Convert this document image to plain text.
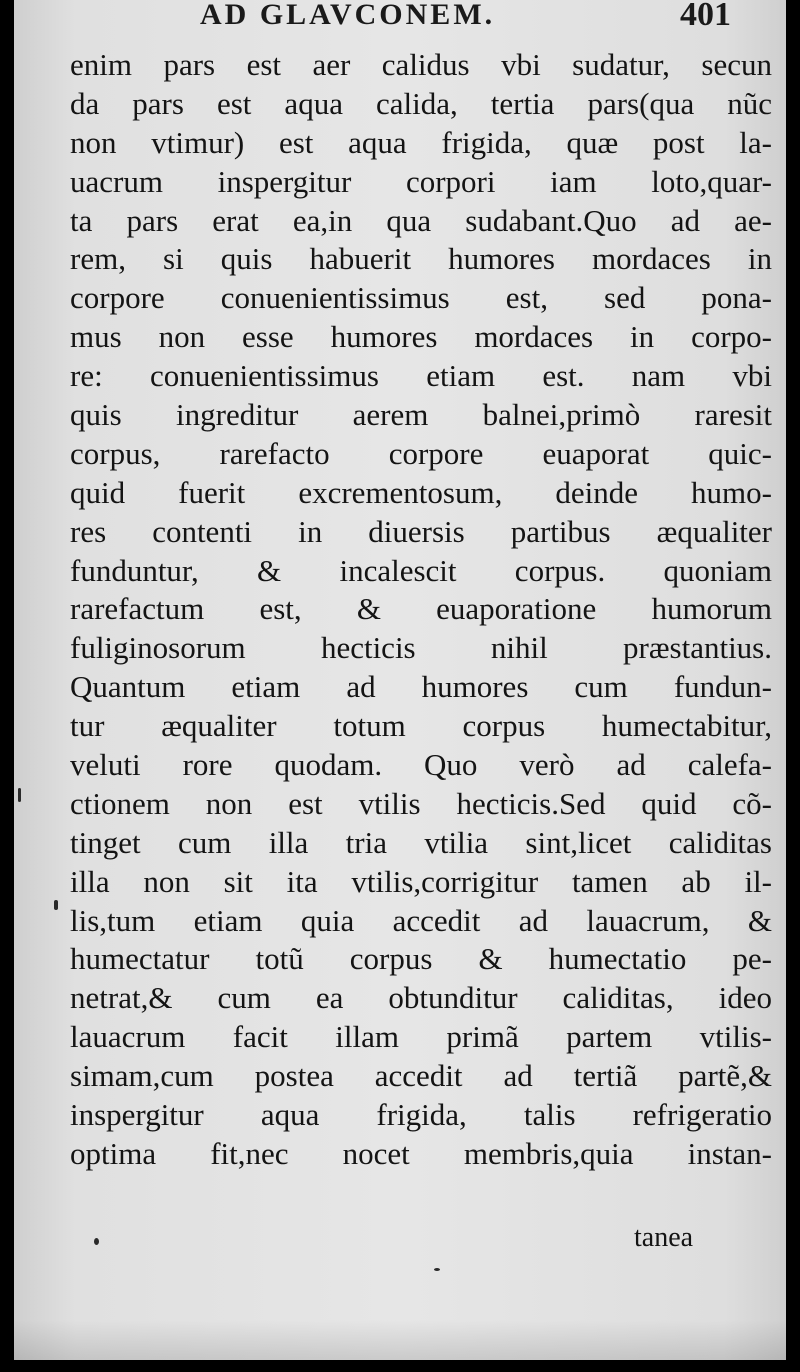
AD GLAVCONEM.	401
enim pars est aer calidus vbi sudatur, secun
da pars est aqua calida, tertia pars(qua nũc
non vtimur) est aqua frigida, quæ post la-
uacrum inspergitur corpori iam loto,quar-
ta pars erat ea,in qua sudabant.Quo ad ae-
rem, si quis habuerit humores mordaces in
corpore conuenientissimus est, sed pona-
mus non esse humores mordaces in corpo-
re: conuenientissimus etiam est. nam vbi
quis ingreditur aerem balnei,primò raresit
corpus, rarefacto corpore euaporat quic-
quid fuerit excrementosum, deinde humo-
res contenti in diuersis partibus æqualiter
funduntur, & incalescit corpus. quoniam
rarefactum est, & euaporatione humorum
fuliginosorum hecticis nihil præstantius.
Quantum etiam ad humores cum fundun-
tur æqualiter totum corpus humectabitur,
veluti rore quodam. Quo verò ad calefa-
ctionem non est vtilis hecticis.Sed quid cõ-
tinget cum illa tria vtilia sint,licet caliditas
illa non sit ita vtilis,corrigitur tamen ab il-
lis,tum etiam quia accedit ad lauacrum, &
humectatur totũ corpus & humectatio pe-
netrat,& cum ea obtunditur caliditas, ideo
lauacrum facit illam primã partem vtilis-
simam,cum postea accedit ad tertiã partẽ,&
inspergitur aqua frigida, talis refrigeratio
optima fit,nec nocet membris,quia instan-
tanea
